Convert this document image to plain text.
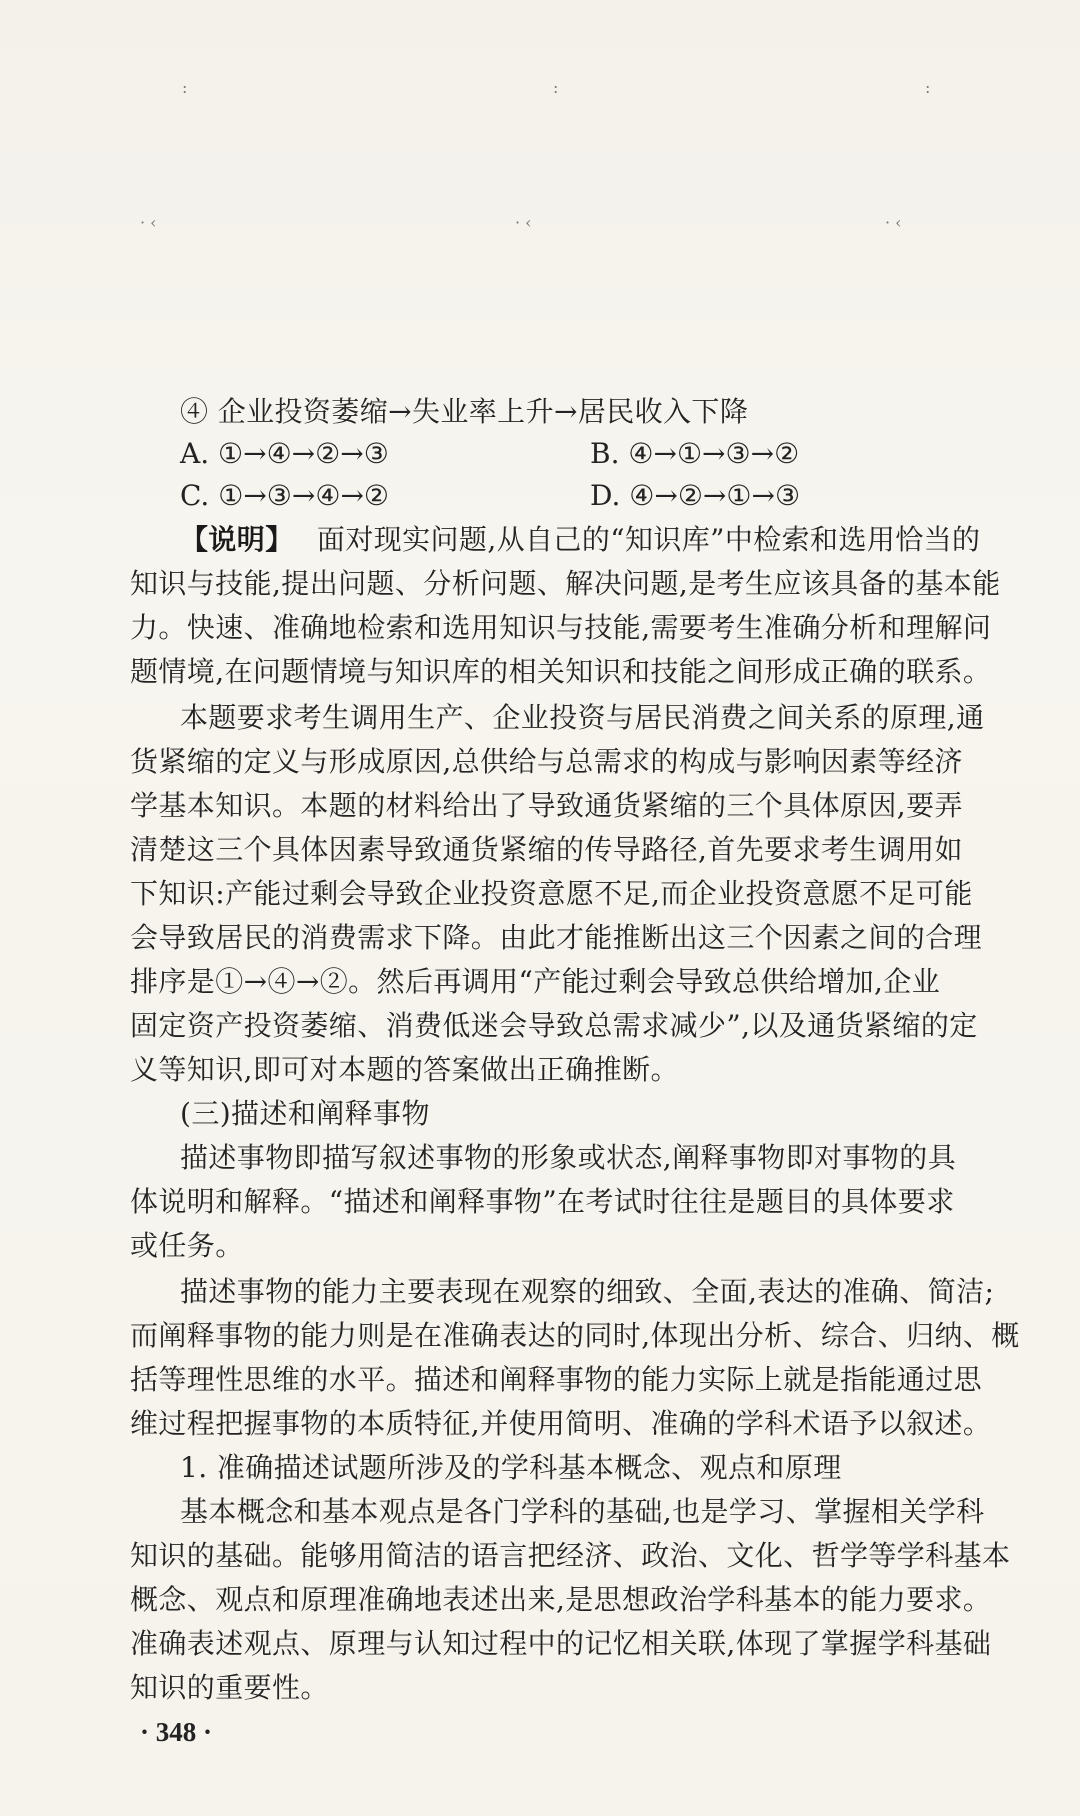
:	:	:
· ‹	· ‹	· ‹
④ 企业投资萎缩→失业率上升→居民收入下降
A. ①→④→②→③	B. ④→①→③→②
C. ①→③→④→②	D. ④→②→①→③
【说明】 面对现实问题,从自己的“知识库”中检索和选用恰当的
知识与技能,提出问题、分析问题、解决问题,是考生应该具备的基本能
力。快速、准确地检索和选用知识与技能,需要考生准确分析和理解问
题情境,在问题情境与知识库的相关知识和技能之间形成正确的联系。
本题要求考生调用生产、企业投资与居民消费之间关系的原理,通
货紧缩的定义与形成原因,总供给与总需求的构成与影响因素等经济
学基本知识。本题的材料给出了导致通货紧缩的三个具体原因,要弄
清楚这三个具体因素导致通货紧缩的传导路径,首先要求考生调用如
下知识:产能过剩会导致企业投资意愿不足,而企业投资意愿不足可能
会导致居民的消费需求下降。由此才能推断出这三个因素之间的合理
排序是①→④→②。然后再调用“产能过剩会导致总供给增加,企业
固定资产投资萎缩、消费低迷会导致总需求减少”,以及通货紧缩的定
义等知识,即可对本题的答案做出正确推断。
(三)描述和阐释事物
描述事物即描写叙述事物的形象或状态,阐释事物即对事物的具
体说明和解释。“描述和阐释事物”在考试时往往是题目的具体要求
或任务。
描述事物的能力主要表现在观察的细致、全面,表达的准确、简洁;
而阐释事物的能力则是在准确表达的同时,体现出分析、综合、归纳、概
括等理性思维的水平。描述和阐释事物的能力实际上就是指能通过思
维过程把握事物的本质特征,并使用简明、准确的学科术语予以叙述。
1. 准确描述试题所涉及的学科基本概念、观点和原理
基本概念和基本观点是各门学科的基础,也是学习、掌握相关学科
知识的基础。能够用简洁的语言把经济、政治、文化、哲学等学科基本
概念、观点和原理准确地表述出来,是思想政治学科基本的能力要求。
准确表述观点、原理与认知过程中的记忆相关联,体现了掌握学科基础
知识的重要性。
· 348 ·
